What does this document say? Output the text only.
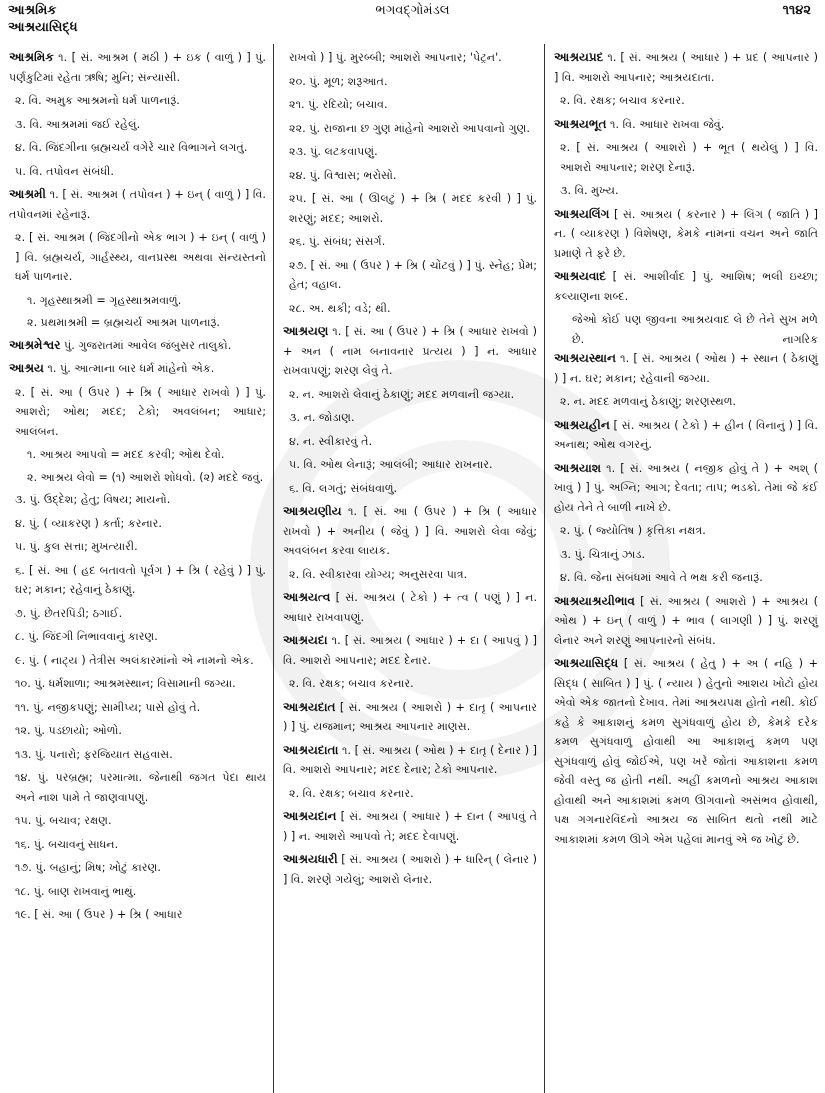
આશ્રમિક
આશ્રયાસિદ્ધ
ભગવદ્ગોમંડલ	૧૧૪૨
આશ્રમિક ૧. [ સં. આશ્રમ ( મઠી ) + ઇક ( વાળું ) ] પું. પર્ણકુટિમાં રહેતા ઋષિ; મુનિ; સંન્યાસી.
૨. વિ. અમુક આશ્રમનો ધર્મ પાળનારૂં.
૩. વિ. આશ્રમમાં જઈ રહેલું.
૪. વિ. જિંદગીના બ્રહ્મચર્ય વગેરે ચાર વિભાગને લગતું.
૫. વિ. તપોવન સંબંધી.
આશ્રમી ૧. [ સં. આશ્રમ ( તપોવન ) + ઇન્ ( વાળું ) ] વિ. તપોવનમાં રહેનારૂં.
૨. [ સં. આશ્રમ ( જિંદગીનો એક ભાગ ) + ઇન્ ( વાળું ) ] વિ. બ્રહ્મચર્ય, ગાર્હસ્થ્ય, વાનપ્રસ્થ અથવા સંન્યસ્તનો ધર્મ પાળનાર.
૧. ગૃહસ્થાશ્રમી = ગૃહસ્થાશ્રમવાળું.
૨. પ્રથમાશ્રમી = બ્રહ્મચર્ય આશ્રમ પાળનારૂં.
આશ્રમેશ્વર પું. ગુજરાતમાં આવેલ જંબુસર તાલુકો.
આશ્રય ૧. પું. આત્માના બાર ધર્મ માંહેનો એક.
૨. [ સં. આ ( ઉપર ) + શ્રિ ( આધાર રાખવો ) ] પું. આશરો; ઓથ; મદદ; ટેકો; અવલંબન; આધાર; આલંબન.
૧. આશ્રય આપવો = મદદ કરવી; ઓથ દેવો.
૨. આશ્રય લેવો = (૧) આશરો શોધવો. (૨) મદદે જવું.
૩. પું. ઉદ્દેશ; હેતુ; વિષય; માયનો.
૪. પું. ( વ્યાકરણ ) કર્તા; કરનાર.
૫. પું. કુલ સત્તા; મુખત્યારી.
૬. [ સં. આ ( હદ બતાવતો પૂર્વગ ) + શ્રિ ( રહેવું ) ] પું. ઘર; મકાન; રહેવાનું ઠેકાણું.
૭. પું. છેતરપિંડી; ઠગાઈ.
૮. પું. જિંદગી નિભાવવાનું કારણ.
૯. પું. ( નાટ્ય ) તેત્રીસ અલંકારમાંનો એ નામનો એક.
૧૦. પું. ધર્મશાળા; આશ્રમસ્થાન; વિસામાની જગ્યા.
૧૧. પું. નજીકપણું; સામીપ્ય; પાસે હોવું તે.
૧૨. પું. પડછાયો; ઓળો.
૧૩. પું. પનારો; ફરજિયાત સહવાસ.
૧૪. પું. પરબ્રહ્મ; પરમાત્મા. જેનાથી જગત પેદા થાય અને નાશ પામે તે જાણવાપણું.
૧૫. પું. બચાવ; રક્ષણ.
૧૬. પું. બચાવનું સાધન.
૧૭. પું. બહાનું; મિષ; ખોટું કારણ.
૧૮. પું. બાણ રાખવાનું ભાથું.
૧૯. [ સં. આ ( ઉપર ) + શ્રિ ( આધાર
રાખવો ) ] પું. મુરબ્બી; આશરો આપનાર; 'પેટ્રન'.
૨૦. પું. મૂળ; શરૂઆત.
૨૧. પું. રદિયો; બચાવ.
૨૨. પું. રાજાના છ ગુણ માંહેનો આશરો આપવાનો ગુણ.
૨૩. પું. લટકવાપણું.
૨૪. પું. વિશ્વાસ; ભરોસો.
૨૫. [ સં. આ ( ઊલટું ) + શ્રિ ( મદદ કરવી ) ] પું. શરણું; મદદ; આશરો.
૨૬. પું. સંબંધ; સંસર્ગ.
૨૭. [ સં. આ ( ઉપર ) + શ્રિ ( ચોંટવું ) ] પું. સ્નેહ; પ્રેમ; હેત; વહાલ.
૨૮. અ. થકી; વડે; થી.
આશ્રયણ ૧. [ સં. આ ( ઉપર ) + શ્રિ ( આધાર રાખવો ) + અન ( નામ બનાવનાર પ્રત્યય ) ] ન. આધાર રાખવાપણું; શરણ લેવું તે.
૨. ન. આશરો લેવાનું ઠેકાણું; મદદ મળવાની જગ્યા.
૩. ન. જોડાણ.
૪. ન. સ્વીકારવું તે.
૫. વિ. ઓથ લેનારૂં; આલંબી; આધાર રાખનાર.
૬. વિ. લગતું; સંબંધવાળું.
આશ્રયણીય ૧. [ સં. આ ( ઉપર ) + શ્રિ ( આધાર રાખવો ) + અનીય ( જેવું ) ] વિ. આશરો લેવા જેવું; અવલંબન કરવા લાયક.
૨. વિ. સ્વીકારવા યોગ્ય; અનુસરવા પાત્ર.
આશ્રયત્વ [ સં. આશ્રય ( ટેકો ) + ત્વ ( પણું ) ] ન. આધાર રાખવાપણું.
આશ્રયદા ૧. [ સં. આશ્રય ( આધાર ) + દા ( આપવું ) ] વિ. આશરો આપનાર; મદદ દેનાર.
૨. વિ. રક્ષક; બચાવ કરનાર.
આશ્રયદાત [ સં. આશ્રય ( આશરો ) + દાતૃ ( આપનાર ) ] પું. યજમાન; આશ્રય આપનાર માણસ.
આશ્રયદાતા ૧. [ સં. આશ્રય ( ઓથ ) + દાતૃ ( દેનાર ) ] વિ. આશરો આપનાર; મદદ દેનાર; ટેકો આપનાર.
૨. વિ. રક્ષક; બચાવ કરનાર.
આશ્રયદાન [ સં. આશ્રય ( આધાર ) + દાન ( આપવું તે ) ] ન. આશરો આપવો તે; મદદ દેવાપણું.
આશ્રયધારી [ સં. આશ્રય ( આશરો ) + ધારિન્ ( લેનાર ) ] વિ. શરણે ગયેલું; આશરો લેનાર.
આશ્રયપ્રદ ૧. [ સં. આશ્રય ( આધાર ) + પ્રદ ( આપનાર ) ] વિ. આશરો આપનાર; આશ્રયદાતા.
૨. વિ. રક્ષક; બચાવ કરનાર.
આશ્રયભૂત ૧. વિ. આધાર રાખવા જેવું.
૨. [ સં. આશ્રય ( આશરો ) + ભૂત ( થયેલું ) ] વિ. આશરો આપનાર; શરણ દેનારૂં.
૩. વિ. મુખ્ય.
આશ્રયલિંગ [ સં. આશ્રય ( કરનાર ) + લિંગ ( જાતિ ) ] ન. ( વ્યાકરણ ) વિશેષણ, કેમકે નામનાં વચન અને જાતિ પ્રમાણે તે ફરે છે.
આશ્રયવાદ [ સં. આશીર્વાદ ] પું. આશિષ; ભલી ઇચ્છા; કલ્યાણના શબ્દ.
જેઓ કોઈ પણ જીવના આશ્રયવાદ લે છે તેને સુખ મળે છે.	નાગરિક
આશ્રયસ્થાન ૧. [ સં. આશ્રય ( ઓથ ) + સ્થાન ( ઠેકાણું ) ] ન. ઘર; મકાન; રહેવાની જગ્યા.
૨. ન. મદદ મળવાનું ઠેકાણું; શરણસ્થળ.
આશ્રયહીન [ સં. આશ્રય ( ટેકો ) + હીન ( વિનાનું ) ] વિ. અનાથ; ઓથ વગરનું.
આશ્રયાશ ૧. [ સં. આશ્રય ( નજીક હોવું તે ) + અશ્ ( ખાવું ) ] પું. અગ્નિ; આગ; દેવતા; તાપ; ભડકો. તેમાં જે કંઈ હોય તેને તે બાળી નાખે છે.
૨. પું. ( જ્યોતિષ ) કૃત્તિકા નક્ષત્ર.
૩. પું. ચિત્રાનું ઝાડ.
૪. વિ. જેના સંબંધમાં આવે તે ભક્ષ કરી જનારૂં.
આશ્રયાશ્રયીભાવ [ સં. આશ્રય ( આશરો ) + આશ્રય ( ઓથ ) + ઇન્ ( વાળું ) + ભાવ ( લાગણી ) ] પું. શરણું લેનાર અને શરણું આપનારનો સંબંધ.
આશ્રયાસિદ્ધ [ સં. આશ્રય ( હેતુ ) + અ ( નહિ ) + સિદ્ધ ( સાબિત ) ] પું. ( ન્યાય ) હેતુનો આશય ખોટો હોય એવો એક જાતનો દેખાવ. તેમાં આશ્રયપક્ષ હોતો નથી. કોઈ કહે કે આકાશનું કમળ સુગંધવાળું હોય છે, કેમકે દરેક કમળ સુગંધવાળું હોવાથી આ આકાશનું કમળ પણ સુગંધવાળું હોવું જોઈએ, પણ ખરે જોતાં આકાશના કમળ જેવી વસ્તુ જ હોતી નથી. અહીં કમળનો આશ્રય આકાશ હોવાથી અને આકાશમાં કમળ ઊગવાનો અસંભવ હોવાથી, પક્ષ ગગનારવિંદનો આશ્રય જ સાબિત થતો નથી માટે આકાશમાં કમળ ઊગે એમ પહેલાં માનવું એ જ ખોટું છે.
